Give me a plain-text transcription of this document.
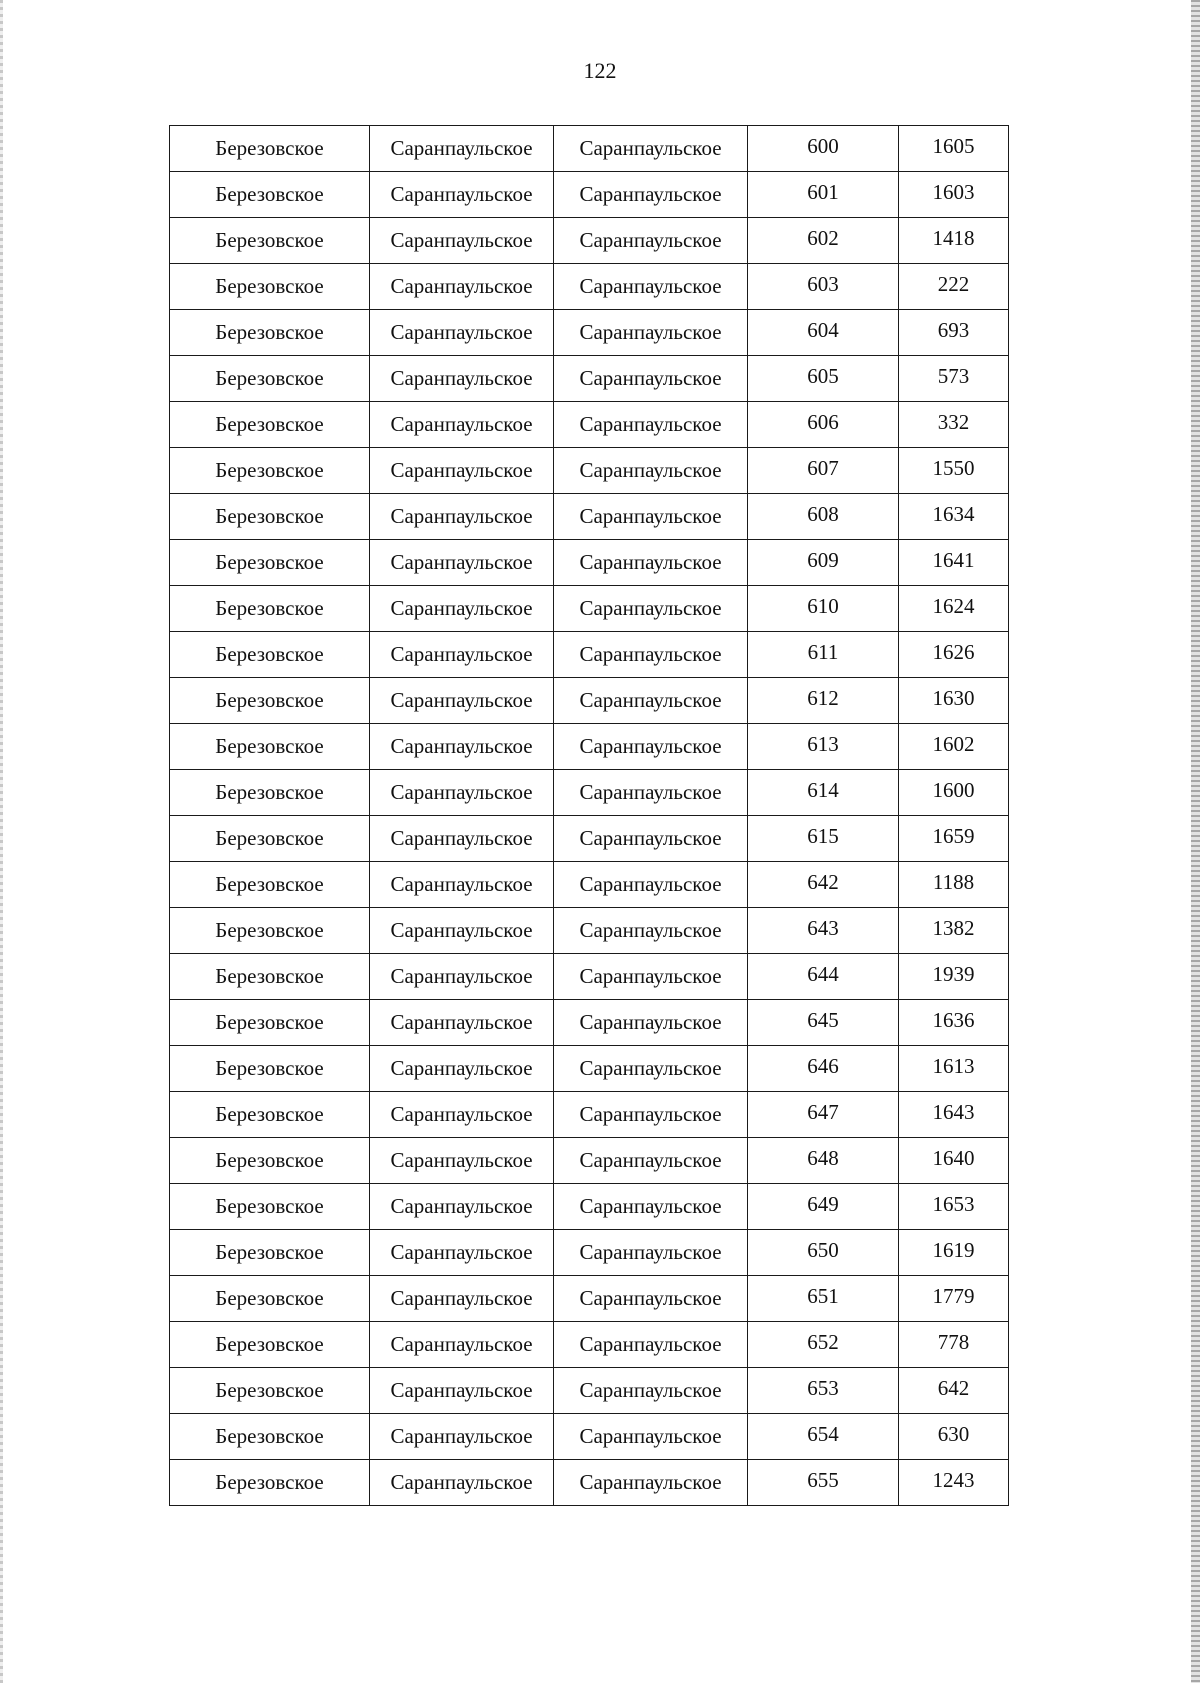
122
Березовское	Саранпаульское	Саранпаульское	600	1605
Березовское	Саранпаульское	Саранпаульское	601	1603
Березовское	Саранпаульское	Саранпаульское	602	1418
Березовское	Саранпаульское	Саранпаульское	603	222
Березовское	Саранпаульское	Саранпаульское	604	693
Березовское	Саранпаульское	Саранпаульское	605	573
Березовское	Саранпаульское	Саранпаульское	606	332
Березовское	Саранпаульское	Саранпаульское	607	1550
Березовское	Саранпаульское	Саранпаульское	608	1634
Березовское	Саранпаульское	Саранпаульское	609	1641
Березовское	Саранпаульское	Саранпаульское	610	1624
Березовское	Саранпаульское	Саранпаульское	611	1626
Березовское	Саранпаульское	Саранпаульское	612	1630
Березовское	Саранпаульское	Саранпаульское	613	1602
Березовское	Саранпаульское	Саранпаульское	614	1600
Березовское	Саранпаульское	Саранпаульское	615	1659
Березовское	Саранпаульское	Саранпаульское	642	1188
Березовское	Саранпаульское	Саранпаульское	643	1382
Березовское	Саранпаульское	Саранпаульское	644	1939
Березовское	Саранпаульское	Саранпаульское	645	1636
Березовское	Саранпаульское	Саранпаульское	646	1613
Березовское	Саранпаульское	Саранпаульское	647	1643
Березовское	Саранпаульское	Саранпаульское	648	1640
Березовское	Саранпаульское	Саранпаульское	649	1653
Березовское	Саранпаульское	Саранпаульское	650	1619
Березовское	Саранпаульское	Саранпаульское	651	1779
Березовское	Саранпаульское	Саранпаульское	652	778
Березовское	Саранпаульское	Саранпаульское	653	642
Березовское	Саранпаульское	Саранпаульское	654	630
Березовское	Саранпаульское	Саранпаульское	655	1243
